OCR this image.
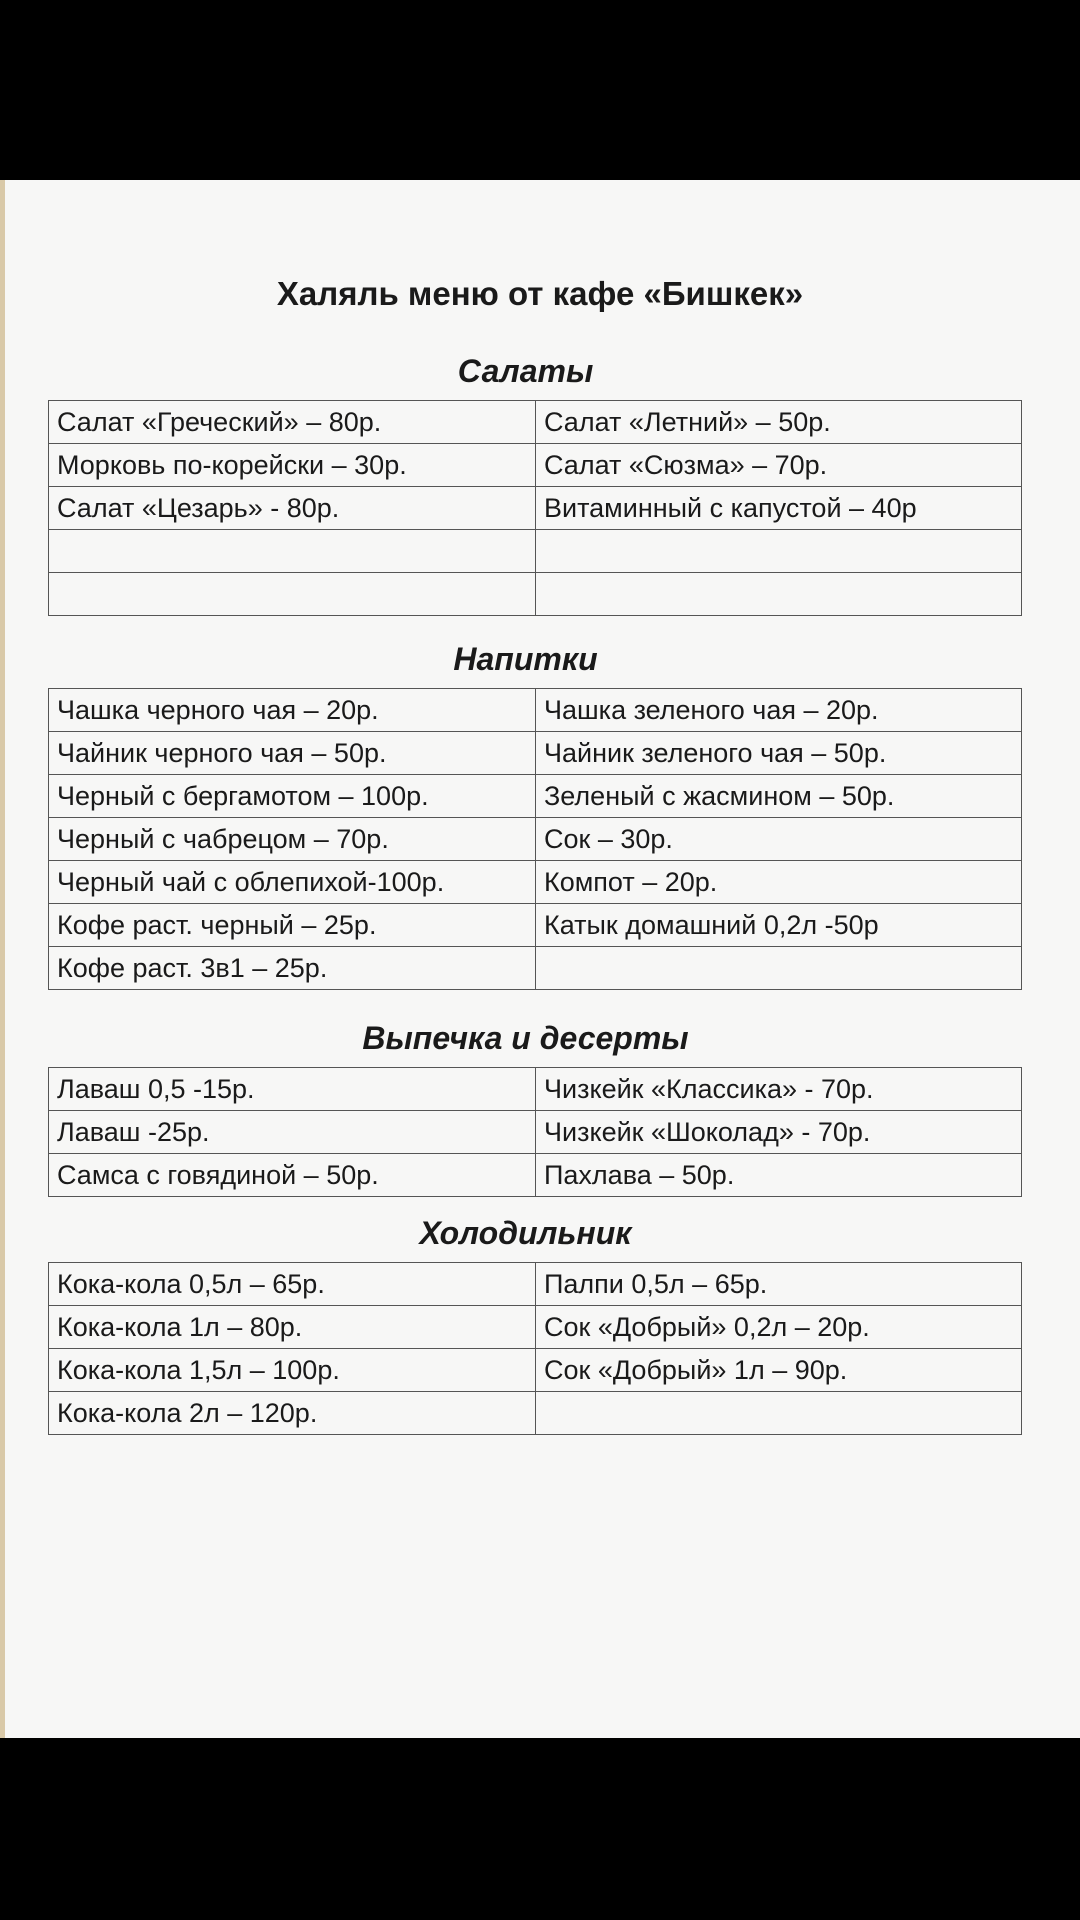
Халяль меню от кафе «Бишкек»
Салаты
Салат «Греческий» – 80р.	Салат «Летний» – 50р.
Морковь по-корейски – 30р.	Салат «Сюзма» – 70р.
Салат «Цезарь» - 80р.	Витаминный с капустой – 40р

Напитки
Чашка черного чая – 20р.	Чашка зеленого чая – 20р.
Чайник черного чая – 50р.	Чайник зеленого чая – 50р.
Черный с бергамотом – 100р.	Зеленый с жасмином – 50р.
Черный с чабрецом – 70р.	Сок – 30р.
Черный чай с облепихой-100р.	Компот – 20р.
Кофе раст. черный – 25р.	Катык домашний 0,2л -50р
Кофе раст. 3в1 – 25р.	
Выпечка и десерты
Лаваш 0,5 -15р.	Чизкейк «Классика» - 70р.
Лаваш -25р.	Чизкейк «Шоколад» - 70р.
Самса с говядиной – 50р.	Пахлава – 50р.
Холодильник
Кока-кола 0,5л – 65р.	Палпи 0,5л – 65р.
Кока-кола 1л – 80р.	Сок «Добрый» 0,2л – 20р.
Кока-кола 1,5л – 100р.	Сок «Добрый» 1л – 90р.
Кока-кола 2л – 120р.	
